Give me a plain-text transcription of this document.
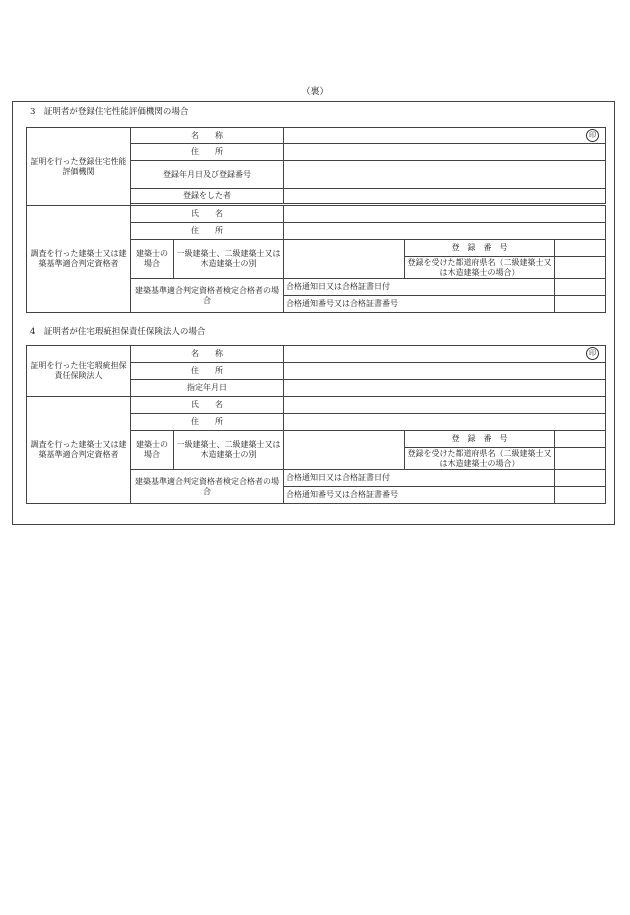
（裏）
3　証明者が登録住宅性能評価機関の場合
証明を行った登録住宅性能評価機関	名　　称		印		

	住　　所				
	登録年月日及び登録番号				
	登録をした者				

調査を行った建築士又は建築基準適合判定資格者	氏　　名				
	住　　所				
	建築士の場合	一級建築士、二級建築士又は木造建築士の別		登　録　番　号	
				登録を受けた都道府県名（二級建築士又は木造建築士の場合）	
	建築基準適合判定資格者検定合格者の場合		合格通知日又は合格証書日付		
			合格通知番号又は合格証書番号		
4　証明者が住宅瑕疵担保責任保険法人の場合
証明を行った住宅瑕疵担保責任保険法人	名　　称		印		

	住　　所				
	指定年月日				
調査を行った建築士又は建築基準適合判定資格者	氏　　名				
	住　　所				
	建築士の場合	一級建築士、二級建築士又は木造建築士の別		登　録　番　号	
				登録を受けた都道府県名（二級建築士又は木造建築士の場合）	
	建築基準適合判定資格者検定合格者の場合		合格通知日又は合格証書日付		
			合格通知番号又は合格証書番号		
